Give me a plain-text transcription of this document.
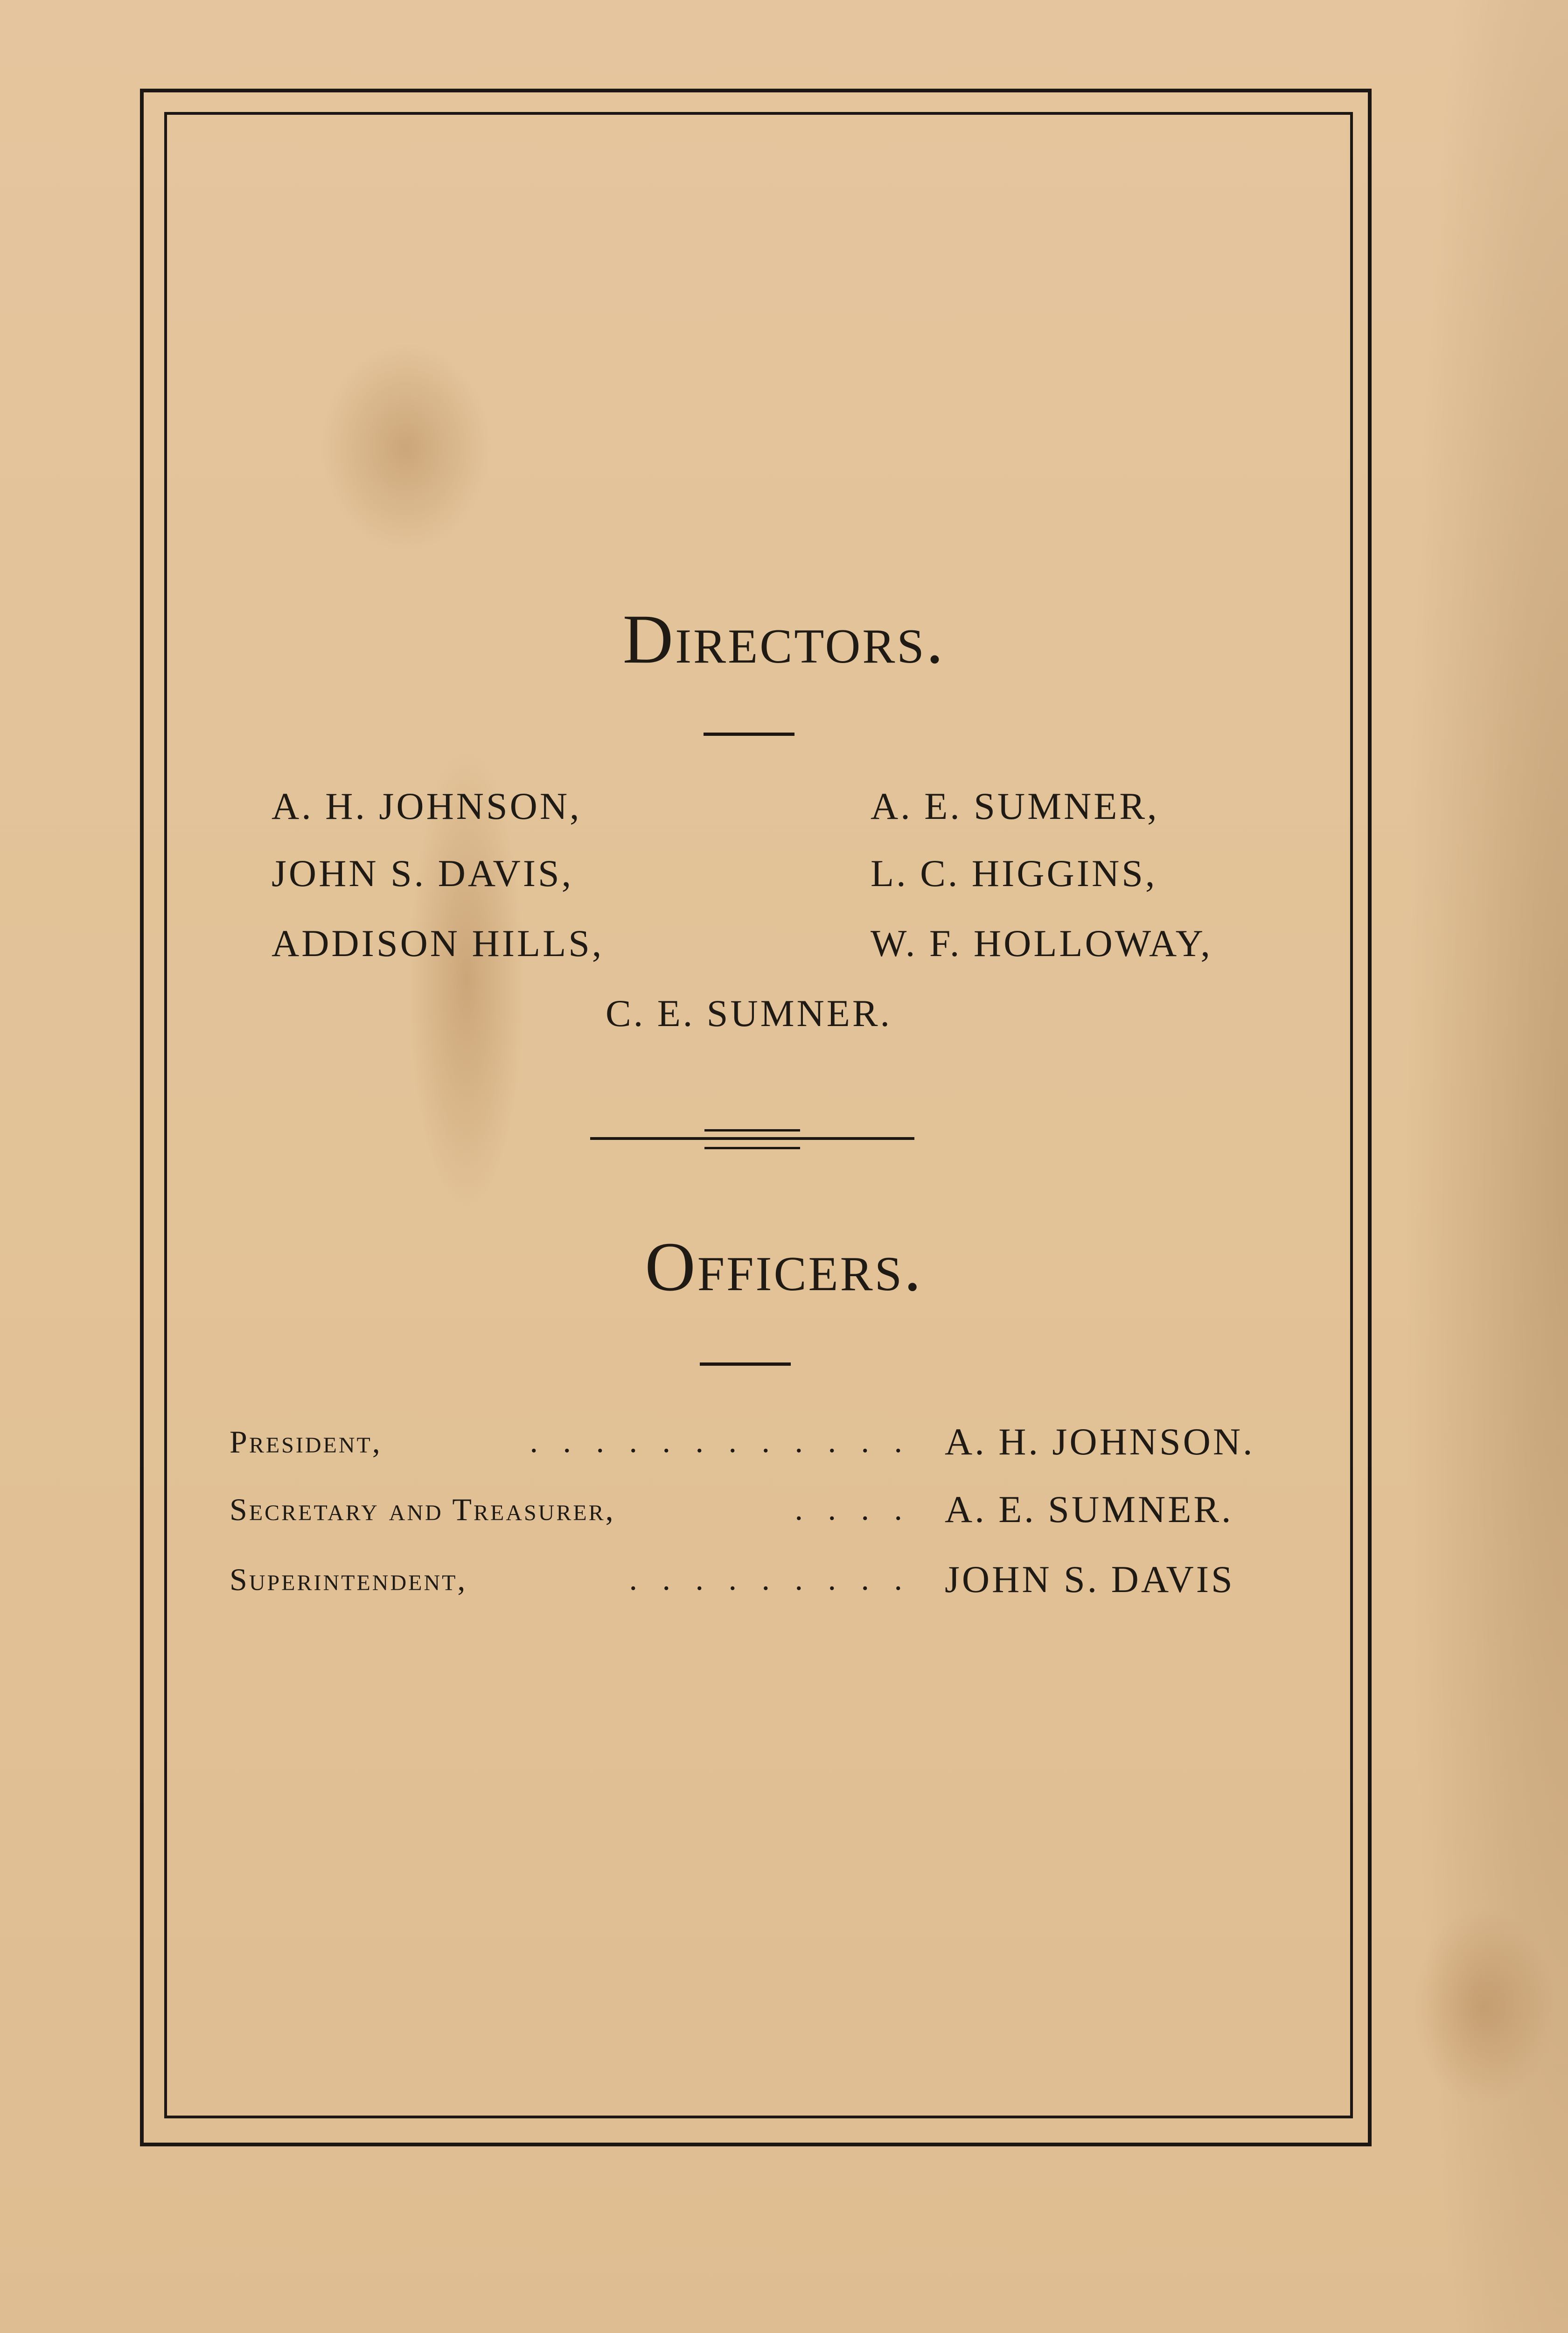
Directors.
A. H. JOHNSON,	A. E. SUMNER,
JOHN S. DAVIS,	L. C. HIGGINS,
ADDISON HILLS,	W. F. HOLLOWAY,
C. E. SUMNER.
Officers.
President,	. . . . . . . . . . . . A. H. JOHNSON.
Secretary and Treasurer,	. . . . A. E. SUMNER.
Superintendent,	. . . . . . . . . JOHN S. DAVIS
